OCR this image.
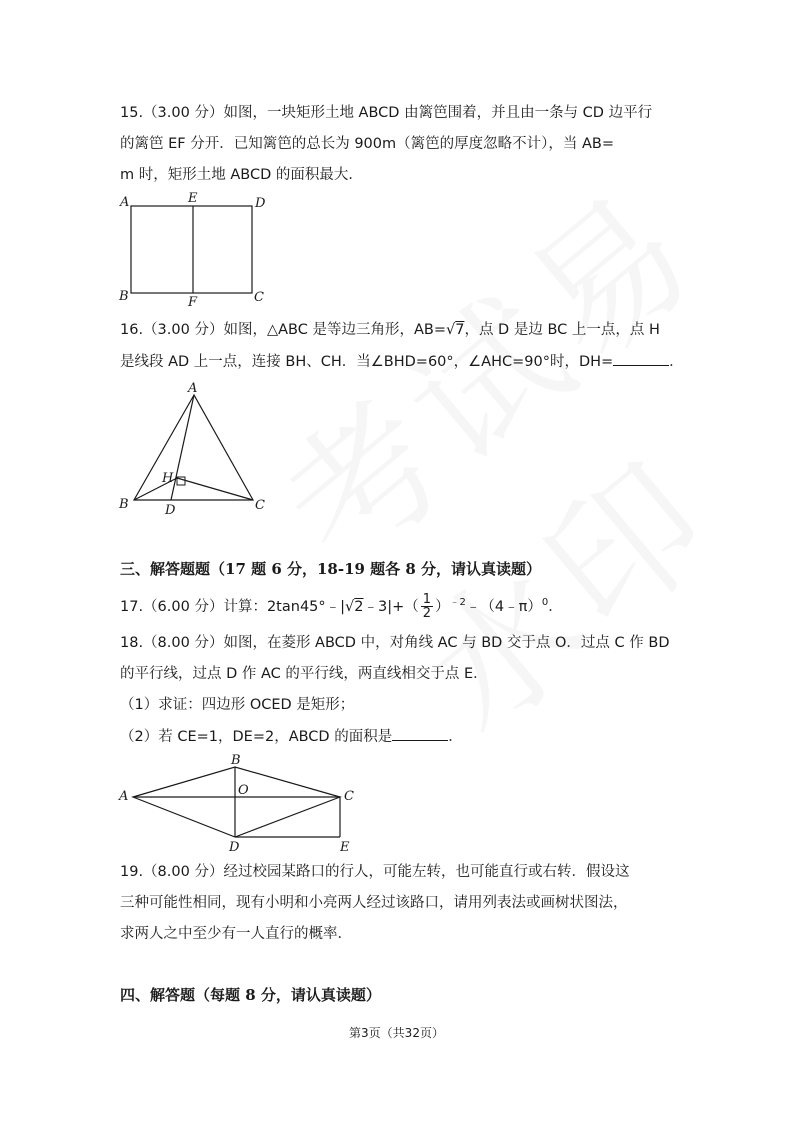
15.（3.00 分）如图，一块矩形土地 ABCD 由篱笆围着，并且由一条与 CD 边平行
的篱笆 EF 分开．已知篱笆的总长为 900m（篱笆的厚度忽略不计），当 AB=
m 时，矩形土地 ABCD 的面积最大．
A	E	D
B	F	C
16.（3.00 分）如图，△ABC 是等边三角形，AB=√7，点 D 是边 BC 上一点，点 H
是线段 AD 上一点，连接 BH、CH．当∠BHD=60°，∠AHC=90°时，DH=	．
A
H
B	D	C
三、解答题题（17 题 6 分，18-19 题各 8 分，请认真读题）
17.（6.00 分）计算：2tan45°﹣|√2﹣3|+（ $\frac{1}{2}$ ）$^{﹣2}$﹣（4﹣π）$^0$．
18.（8.00 分）如图，在菱形 ABCD 中，对角线 AC 与 BD 交于点 O．过点 C 作 BD
的平行线，过点 D 作 AC 的平行线，两直线相交于点 E．
（1）求证：四边形 OCED 是矩形；
（2）若 CE=1，DE=2，ABCD 的面积是	．
A
B
O	C
D	E
19.（8.00 分）经过校园某路口的行人，可能左转，也可能直行或右转．假设这
三种可能性相同，现有小明和小亮两人经过该路口，请用列表法或画树状图法，
求两人之中至少有一人直行的概率．
四、解答题（每题 8 分，请认真读题）
第3页（共32页）
